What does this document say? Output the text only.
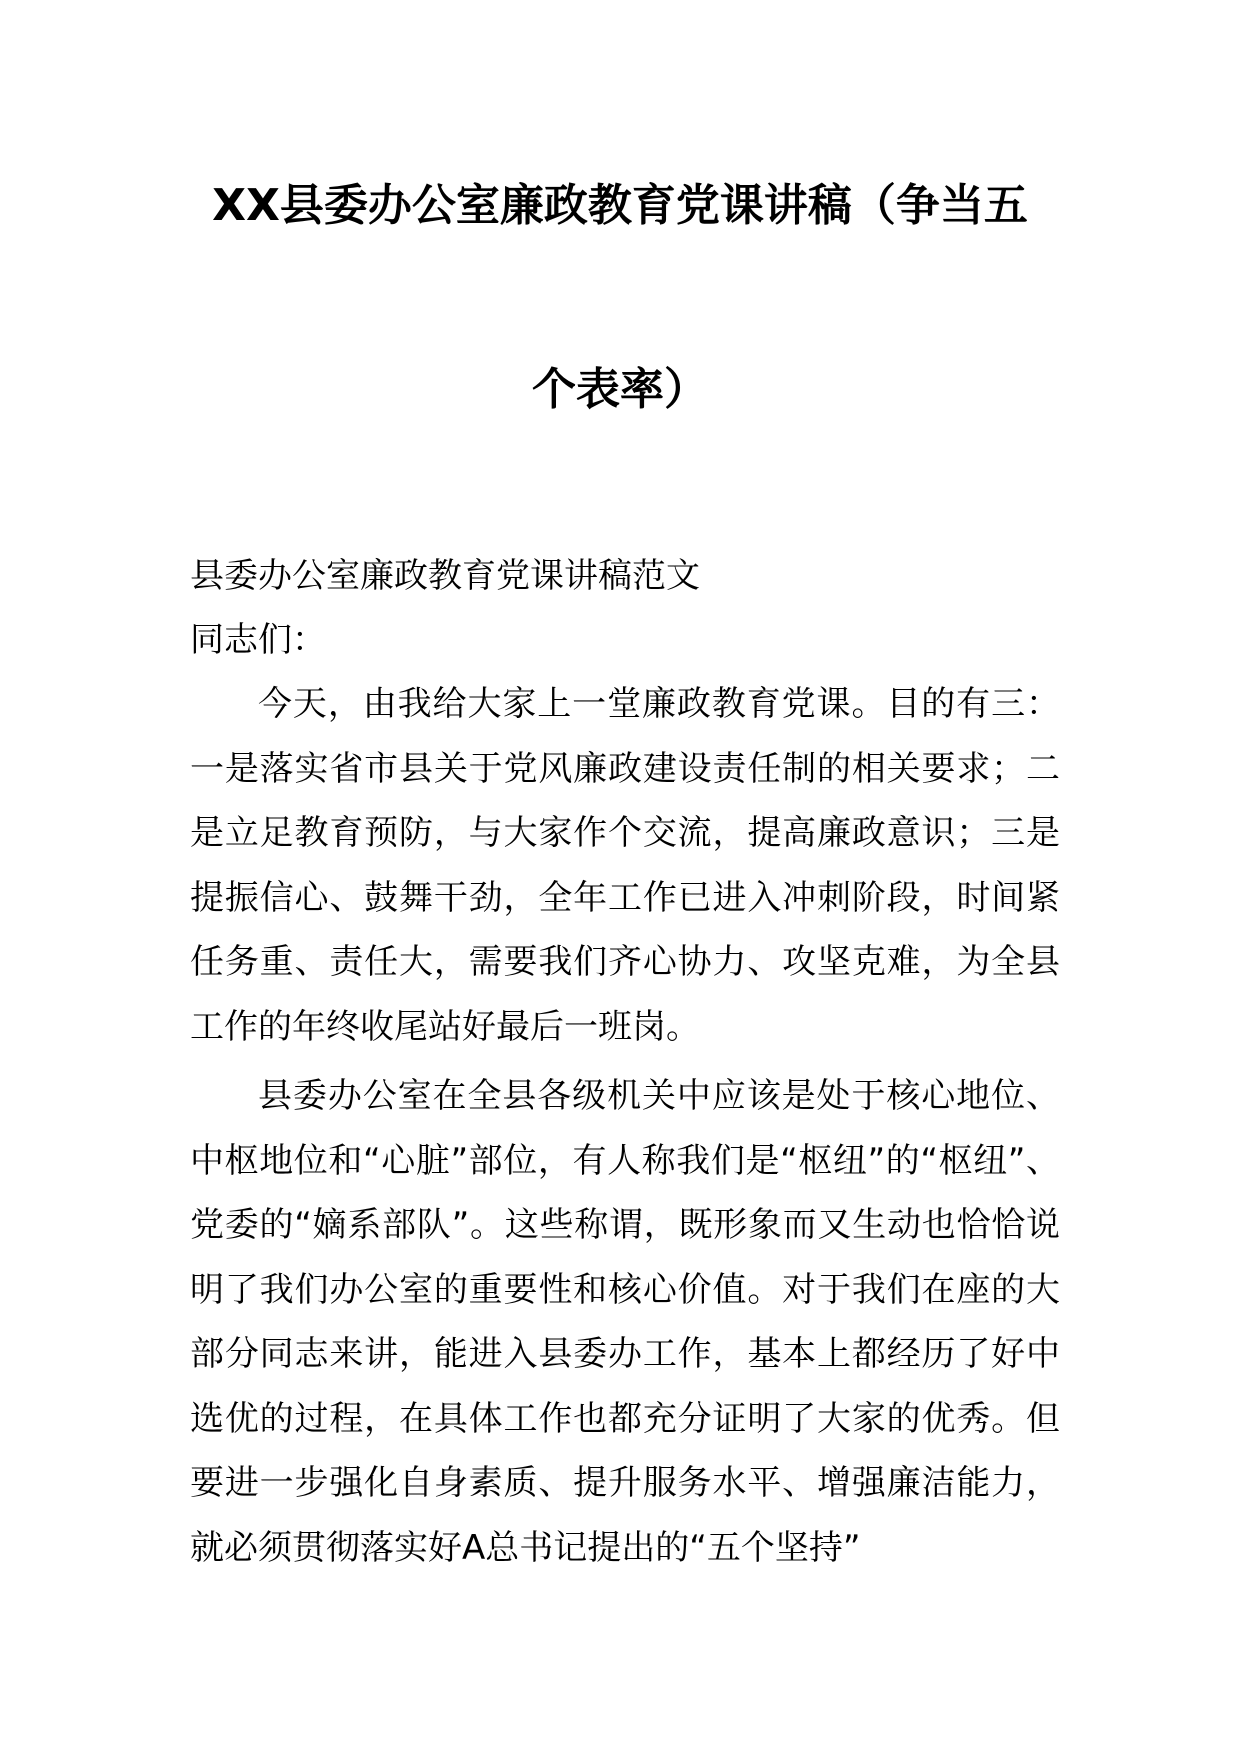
XX县委办公室廉政教育党课讲稿（争当五
个表率）
县委办公室廉政教育党课讲稿范文
同志们：

今天，由我给大家上一堂廉政教育党课。目的有三：一是落实省市县关于党风廉政建设责任制的相关要求；二是立足教育预防，与大家作个交流，提高廉政意识；三是提振信心、鼓舞干劲，全年工作已进入冲刺阶段，时间紧任务重、责任大，需要我们齐心协力、攻坚克难，为全县工作的年终收尾站好最后一班岗。

县委办公室在全县各级机关中应该是处于核心地位、中枢地位和“心脏”部位，有人称我们是“枢纽”的“枢纽”、党委的“嫡系部队”。这些称谓，既形象而又生动也恰恰说明了我们办公室的重要性和核心价值。对于我们在座的大部分同志来讲，能进入县委办工作，基本上都经历了好中选优的过程，在具体工作也都充分证明了大家的优秀。但要进一步强化自身素质、提升服务水平、增强廉洁能力，就必须贯彻落实好A总书记提出的“五个坚持”
